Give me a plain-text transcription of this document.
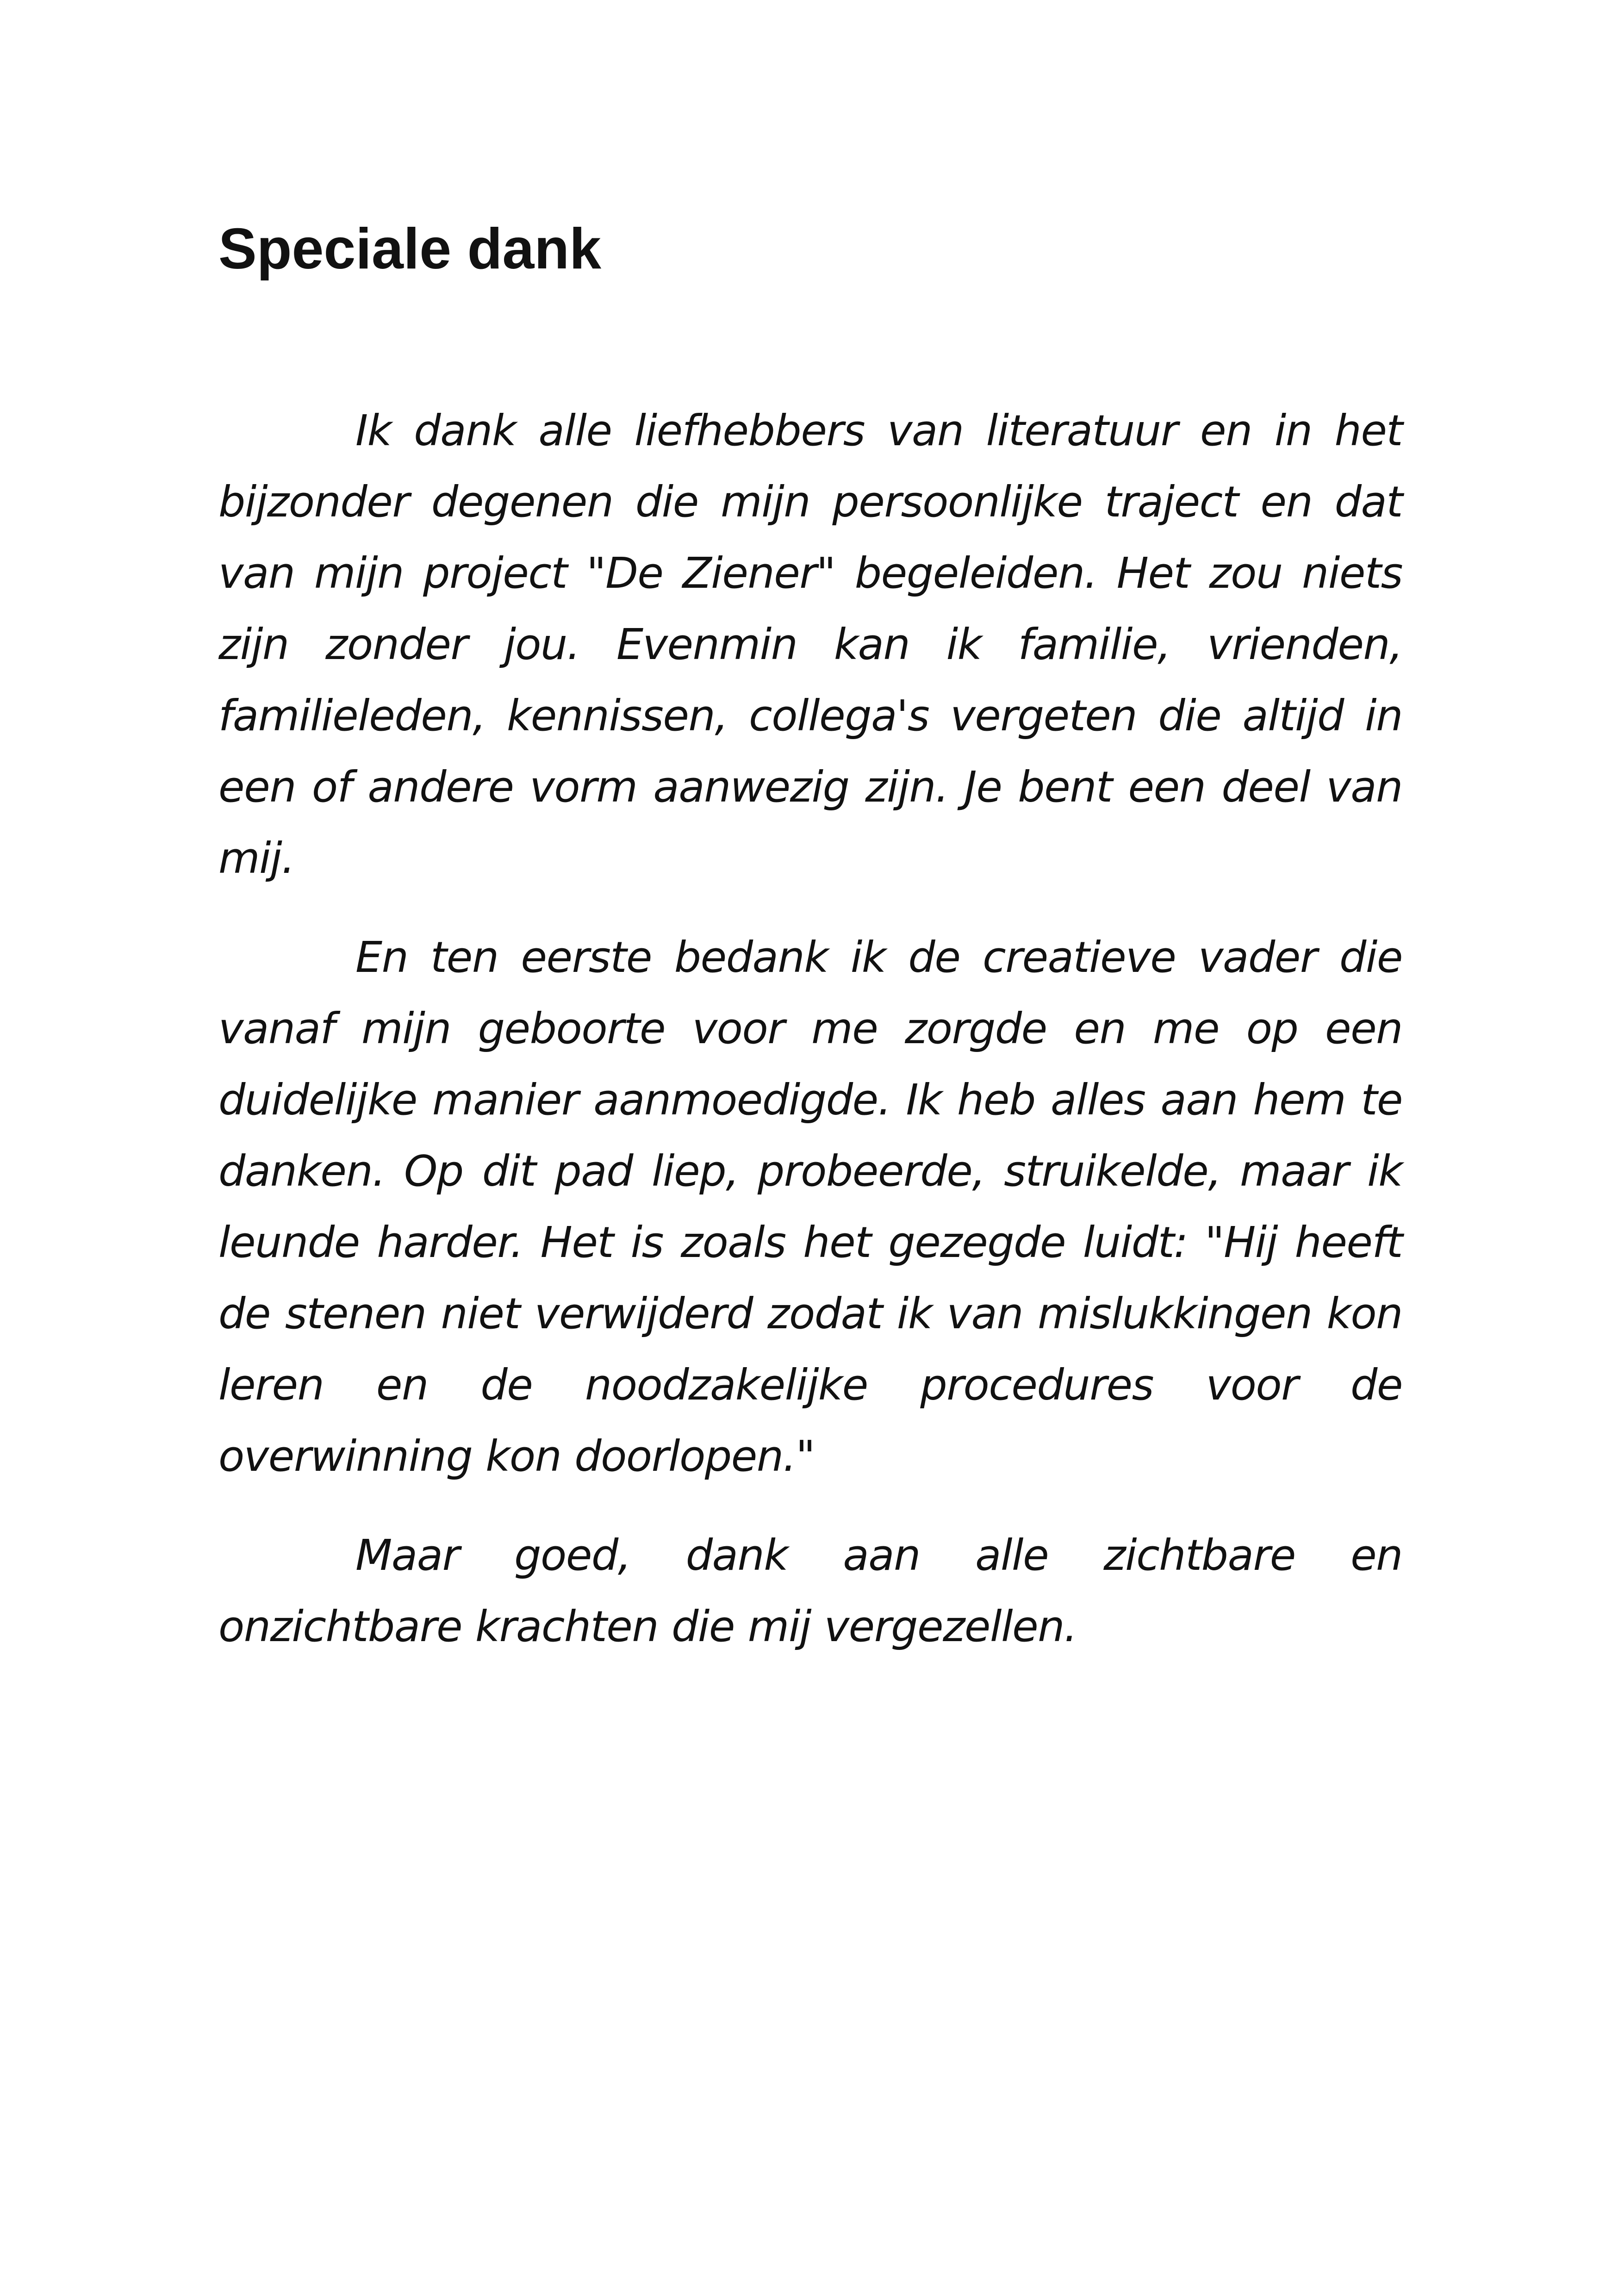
Speciale dank

Ik dank alle liefhebbers van literatuur en in het bijzonder degenen die mijn persoonlijke traject en dat van mijn project "De Ziener" begeleiden. Het zou niets zijn zonder jou. Evenmin kan ik familie, vrienden, familieleden, kennissen, collega's vergeten die altijd in een of andere vorm aanwezig zijn. Je bent een deel van mij.

En ten eerste bedank ik de creatieve vader die vanaf mijn geboorte voor me zorgde en me op een duidelijke manier aanmoedigde. Ik heb alles aan hem te danken. Op dit pad liep, probeerde, struikelde, maar ik leunde harder. Het is zoals het gezegde luidt: "Hij heeft de stenen niet verwijderd zodat ik van mislukkingen kon leren en de noodzakelijke procedures voor de overwinning kon doorlopen."

Maar goed, dank aan alle zichtbare en onzichtbare krachten die mij vergezellen.
